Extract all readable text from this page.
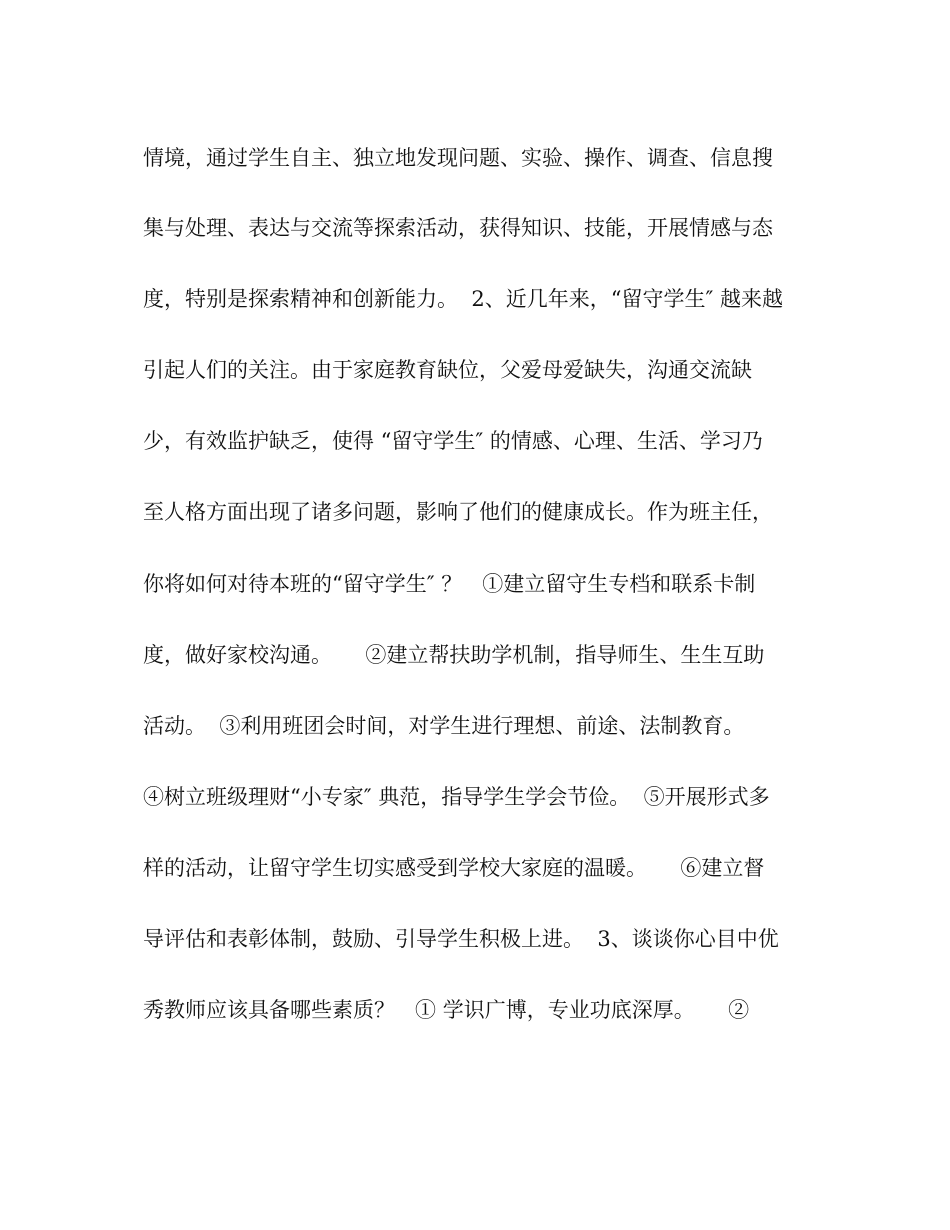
情境，通过学生自主、独立地发现问题、实验、操作、调查、信息搜
集与处理、表达与交流等探索活动，获得知识、技能，开展情感与态
度，特别是探索精神和创新能力。  2、近几年来，“留守学生″ 越来越
引起人们的关注。由于家庭教育缺位，父爱母爱缺失，沟通交流缺
少，有效监护缺乏，使得 “留守学生″ 的情感、心理、生活、学习乃
至人格方面出现了诸多问题，影响了他们的健康成长。作为班主任，
你将如何对待本班的“留守学生″ ？   ①建立留守生专档和联系卡制
度，做好家校沟通。     ②建立帮扶助学机制，指导师生、生生互助
活动。  ③利用班团会时间，对学生进行理想、前途、法制教育。
④树立班级理财“小专家″ 典范，指导学生学会节俭。  ⑤开展形式多
样的活动，让留守学生切实感受到学校大家庭的温暖。     ⑥建立督
导评估和表彰体制，鼓励、引导学生积极上进。  3、谈谈你心目中优
秀教师应该具备哪些素质？   ① 学识广博，专业功底深厚。     ②
